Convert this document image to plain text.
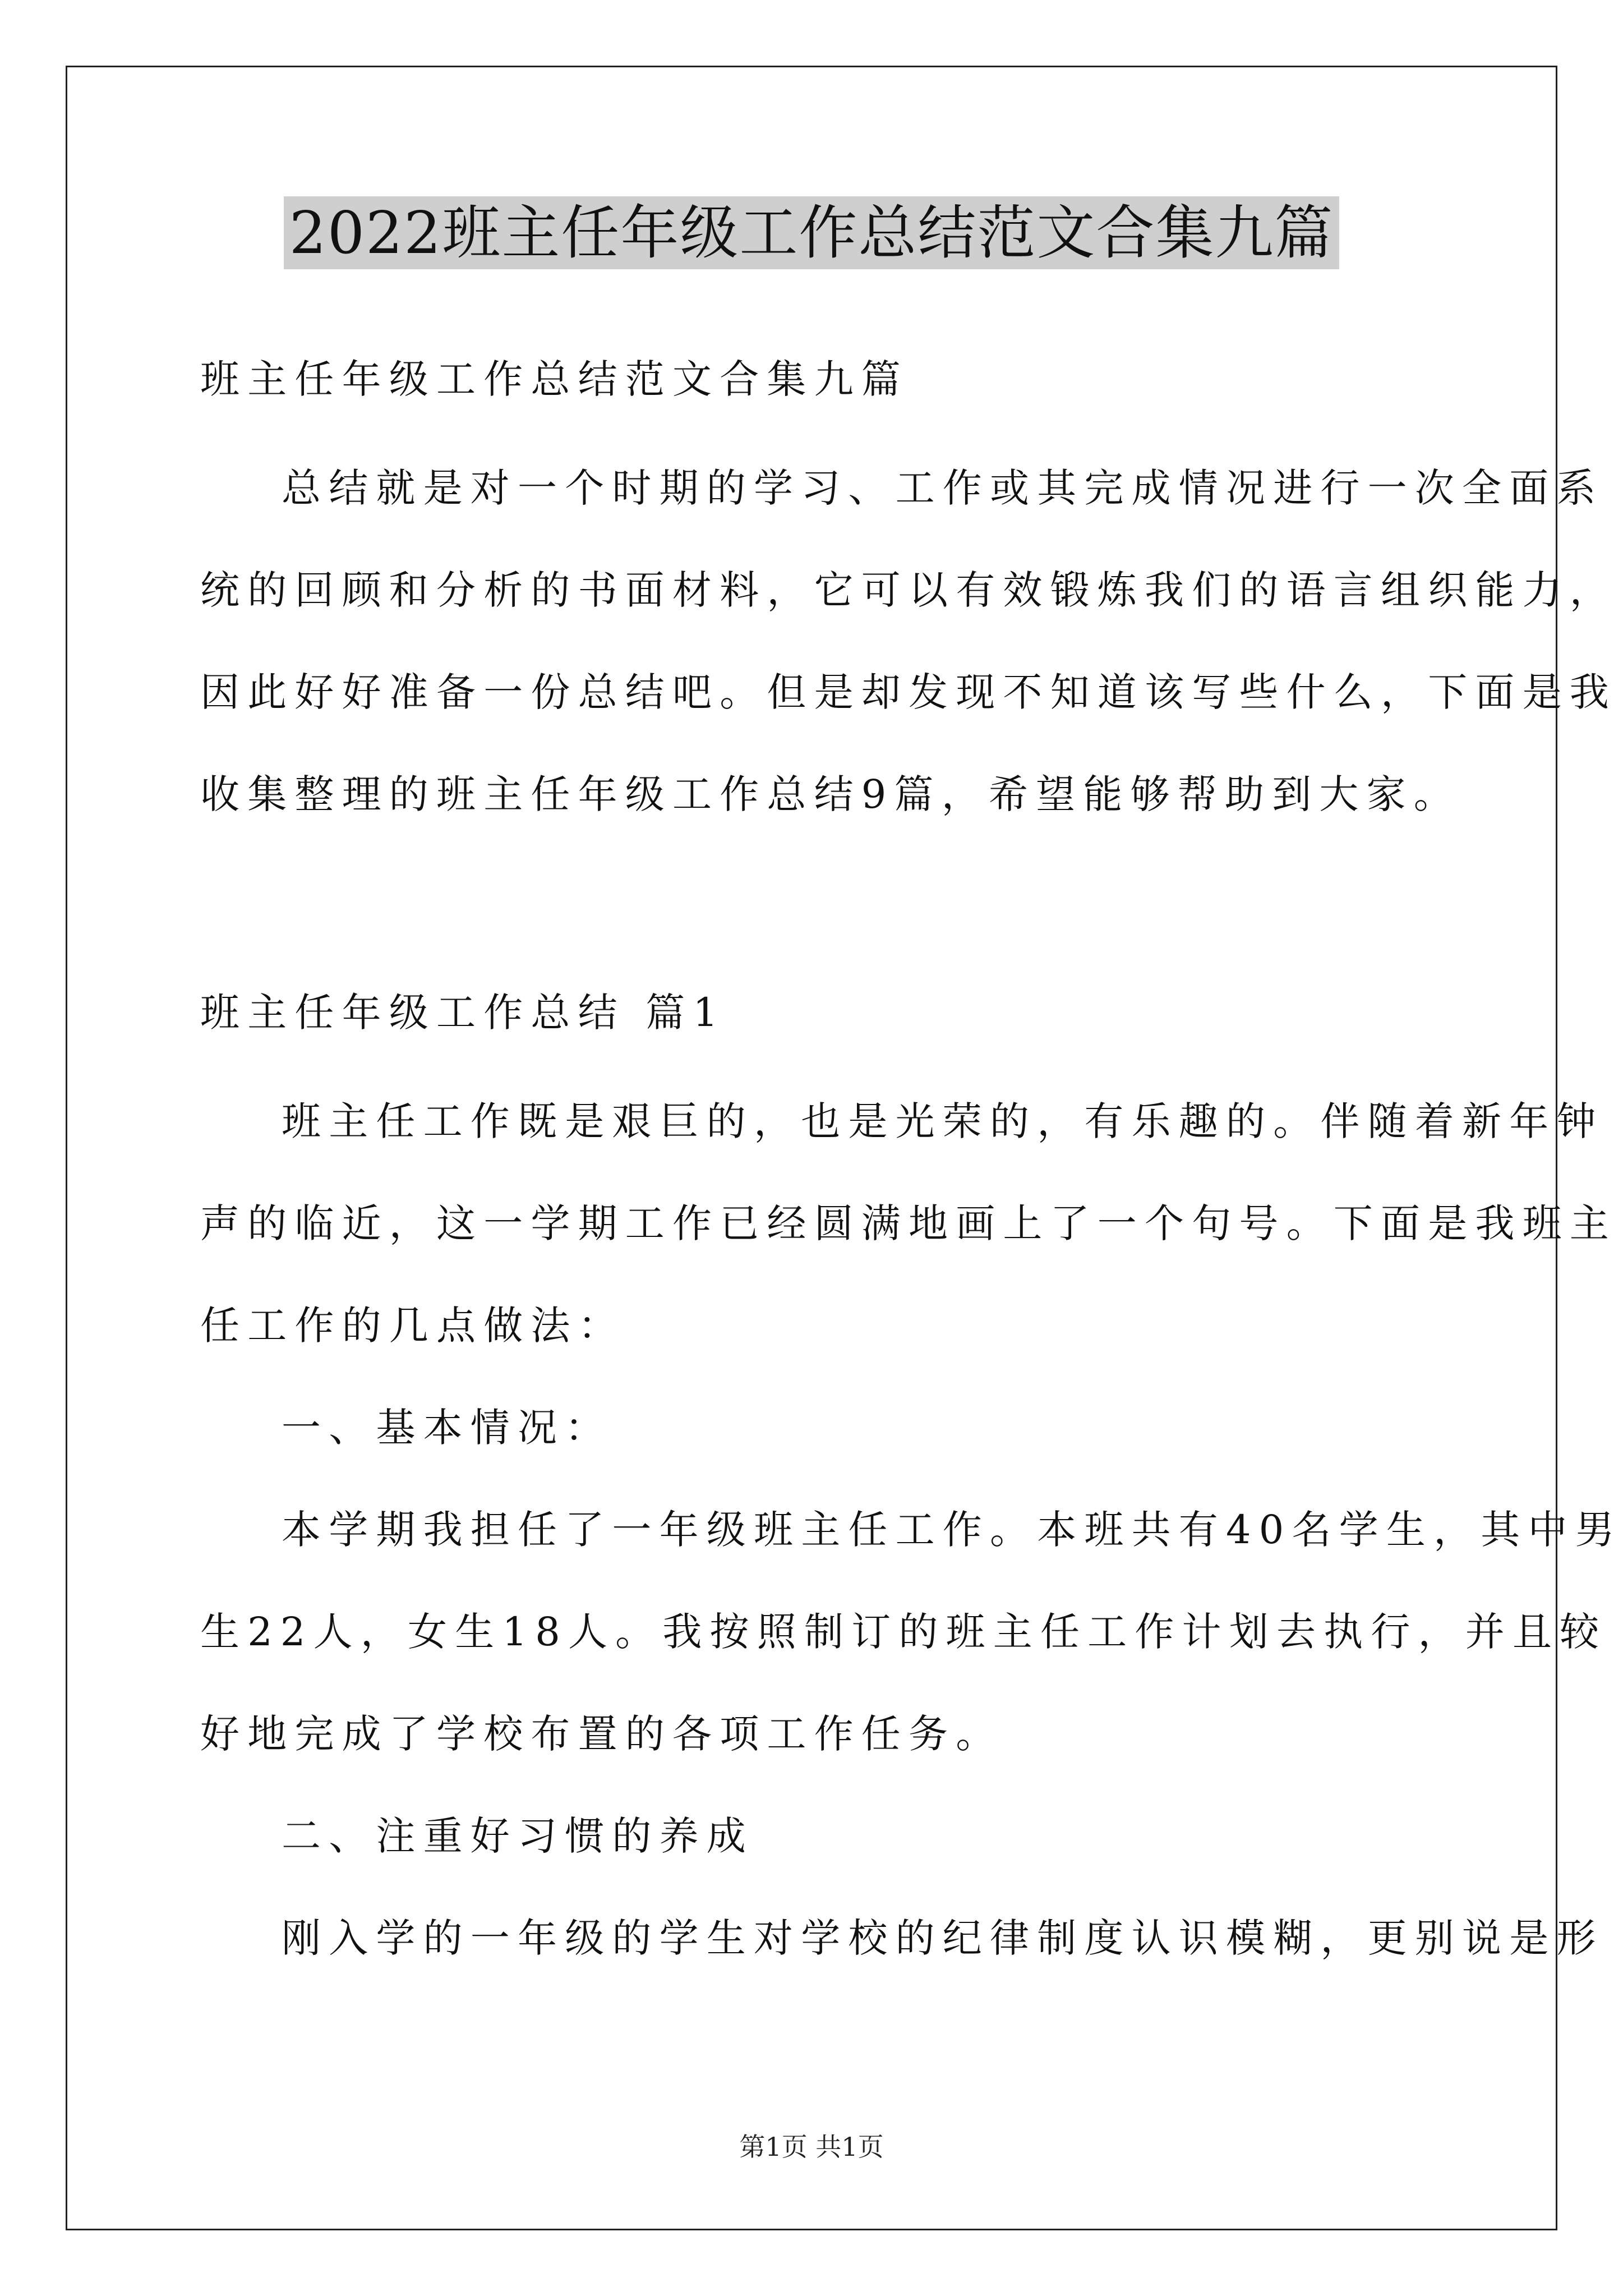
2022班主任年级工作总结范文合集九篇
班主任年级工作总结范文合集九篇
总结就是对一个时期的学习、工作或其完成情况进行一次全面系
统的回顾和分析的书面材料，它可以有效锻炼我们的语言组织能力，
因此好好准备一份总结吧。但是却发现不知道该写些什么，下面是我
收集整理的班主任年级工作总结9篇，希望能够帮助到大家。
班主任年级工作总结 篇1
班主任工作既是艰巨的，也是光荣的，有乐趣的。伴随着新年钟
声的临近，这一学期工作已经圆满地画上了一个句号。下面是我班主
任工作的几点做法：
一、基本情况：
本学期我担任了一年级班主任工作。本班共有40名学生，其中男
生22人，女生18人。我按照制订的班主任工作计划去执行，并且较
好地完成了学校布置的各项工作任务。
二、注重好习惯的养成
刚入学的一年级的学生对学校的纪律制度认识模糊，更别说是形
第1页 共1页
